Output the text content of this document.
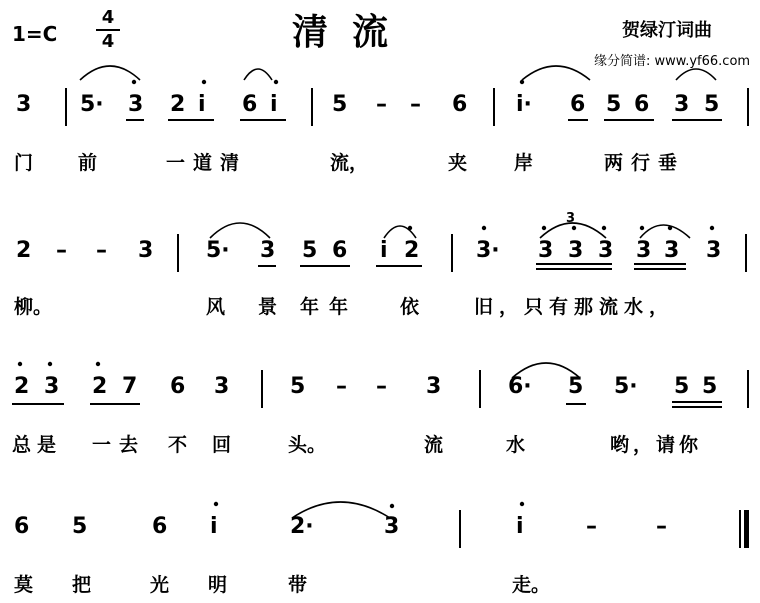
1=C
4
4	清流	贺绿汀词曲
缘分简谱: www.yf66.com
3
3 5· 3 2 i 6 i 5 – – 6 i· 6 5 6 3 5
门 前	一道清	流，	夹 岸	两行垂
2 – – 3 5· 3 5 6 i 2	3· 3 3 3 3 3 3
柳。	风 景 年年 依	旧，只有那流水，
2 3 2 7 6 3	5 – – 3	6· 5 5· 5 5
总是 一去 不 回	头。	流	水	哟，请你
6 5	6 i	2·	3	i	–	–
莫 把	光 明	带	走。
